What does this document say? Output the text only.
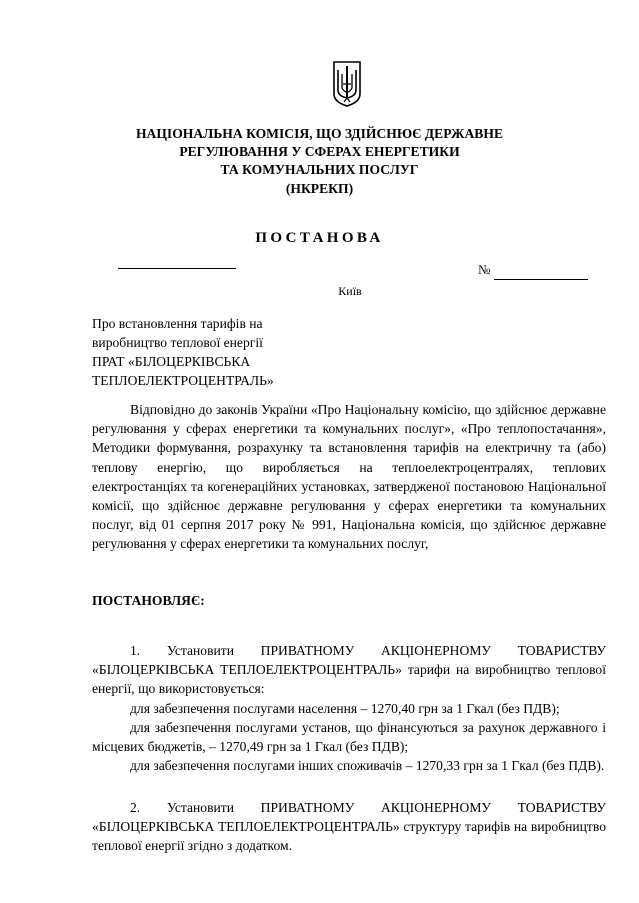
НАЦІОНАЛЬНА КОМІСІЯ, ЩО ЗДІЙСНЮЄ ДЕРЖАВНЕ

РЕГУЛЮВАННЯ У СФЕРАХ ЕНЕРГЕТИКИ

ТА КОМУНАЛЬНИХ ПОСЛУГ

(НКРЕКП)

ПОСТАНОВА

№
Київ
Про встановлення тарифів на
виробництво теплової енергії
ПРАТ «БІЛОЦЕРКІВСЬКА
ТЕПЛОЕЛЕКТРОЦЕНТРАЛЬ»

Відповідно до законів України «Про Національну комісію, що здійснює державне регулювання у сферах енергетики та комунальних послуг», «Про теплопостачання», Методики формування, розрахунку та встановлення тарифів на електричну та (або) теплову енергію, що виробляється на теплоелектроцентралях, теплових електростанціях та когенераційних установках, затвердженої постановою Національної комісії, що здійснює державне регулювання у сферах енергетики та комунальних послуг, від 01 серпня 2017 року № 991, Національна комісія, що здійснює державне регулювання у сферах енергетики та комунальних послуг,

ПОСТАНОВЛЯЄ:

1. Установити ПРИВАТНОМУ АКЦІОНЕРНОМУ ТОВАРИСТВУ «БІЛОЦЕРКІВСЬКА ТЕПЛОЕЛЕКТРОЦЕНТРАЛЬ» тарифи на виробництво теплової енергії, що використовується:

для забезпечення послугами населення – 1270,40 грн за 1 Гкал (без ПДВ);

для забезпечення послугами установ, що фінансуються за рахунок державного і місцевих бюджетів, – 1270,49 грн за 1 Гкал (без ПДВ);

для забезпечення послугами інших споживачів – 1270,33 грн за 1 Гкал (без ПДВ).

2. Установити ПРИВАТНОМУ АКЦІОНЕРНОМУ ТОВАРИСТВУ «БІЛОЦЕРКІВСЬКА ТЕПЛОЕЛЕКТРОЦЕНТРАЛЬ» структуру тарифів на виробництво теплової енергії згідно з додатком.
